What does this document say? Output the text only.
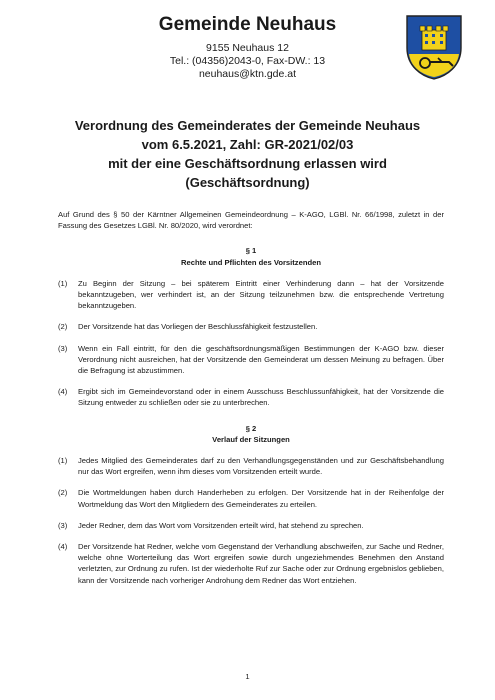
Gemeinde Neuhaus
9155 Neuhaus 12
Tel.: (04356)2043-0, Fax-DW.: 13
neuhaus@ktn.gde.at
Verordnung des Gemeinderates der Gemeinde Neuhaus
vom 6.5.2021, Zahl: GR-2021/02/03
mit der eine Geschäftsordnung erlassen wird
(Geschäftsordnung)

Auf Grund des § 50 der Kärntner Allgemeinen Gemeindeordnung – K-AGO, LGBl. Nr. 66/1998, zuletzt in der Fassung des Gesetzes LGBl. Nr. 80/2020, wird verordnet:

§ 1
Rechte und Pflichten des Vorsitzenden
(1)	Zu Beginn der Sitzung – bei späterem Eintritt einer Verhinderung dann – hat der Vorsitzende bekanntzugeben, wer verhindert ist, an der Sitzung teilzunehmen bzw. die entsprechende Vertretung bekanntzugeben.
(2)	Der Vorsitzende hat das Vorliegen der Beschlussfähigkeit festzustellen.
(3)	Wenn ein Fall eintritt, für den die geschäftsordnungsmäßigen Bestimmungen der K-AGO bzw. dieser Verordnung nicht ausreichen, hat der Vorsitzende den Gemeinderat um dessen Meinung zu befragen. Über die Befragung ist abzustimmen.
(4)	Ergibt sich im Gemeindevorstand oder in einem Ausschuss Beschlussunfähigkeit, hat der Vorsitzende die Sitzung entweder zu schließen oder sie zu unterbrechen.
§ 2
Verlauf der Sitzungen
(1)	Jedes Mitglied des Gemeinderates darf zu den Verhandlungsgegenständen und zur Geschäftsbehandlung nur das Wort ergreifen, wenn ihm dieses vom Vorsitzenden erteilt wurde.
(2)	Die Wortmeldungen haben durch Handerheben zu erfolgen. Der Vorsitzende hat in der Reihenfolge der Wortmeldung das Wort den Mitgliedern des Gemeinderates zu erteilen.
(3)	Jeder Redner, dem das Wort vom Vorsitzenden erteilt wird, hat stehend zu sprechen.
(4)	Der Vorsitzende hat Redner, welche vom Gegenstand der Verhandlung abschweifen, zur Sache und Redner, welche ohne Worterteilung das Wort ergreifen sowie durch ungeziehmendes Benehmen den Anstand verletzten, zur Ordnung zu rufen. Ist der wiederholte Ruf zur Sache oder zur Ordnung ergebnislos geblieben, kann der Vorsitzende nach vorheriger Androhung dem Redner das Wort entziehen.
1
